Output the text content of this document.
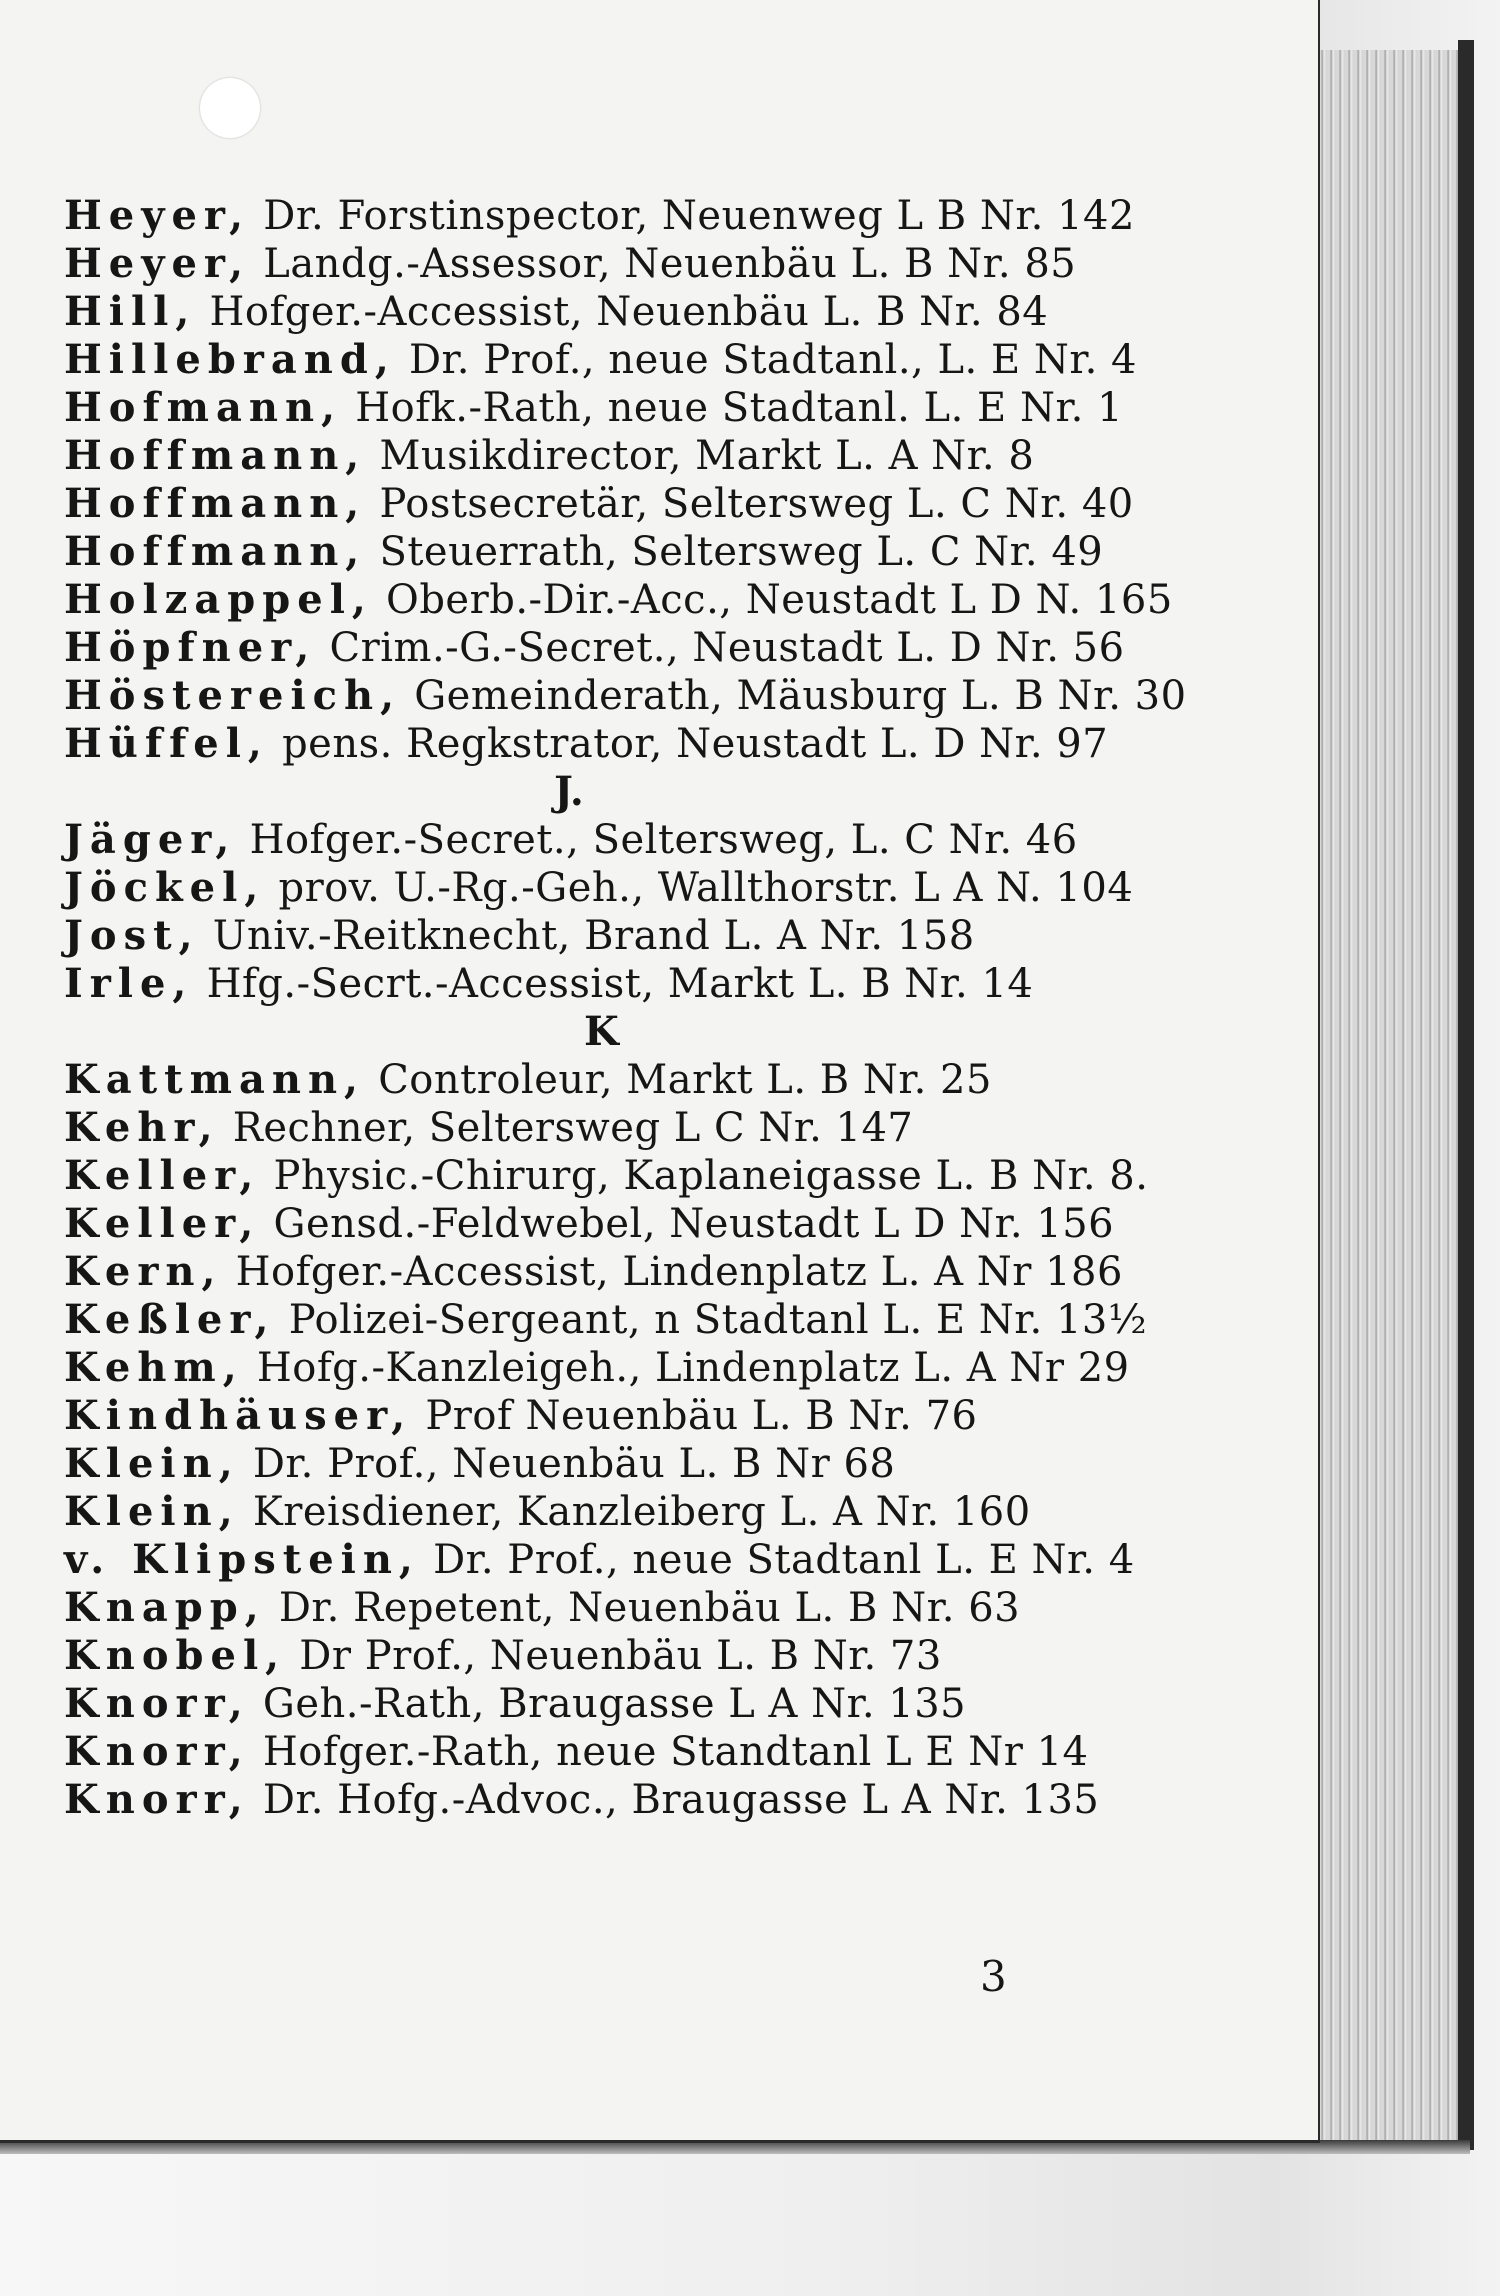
Heyer, Dr. Forstinspector, Neuenweg L B Nr. 142
Heyer, Landg.-Assessor, Neuenbäu L. B Nr. 85
Hill, Hofger.-Accessist, Neuenbäu L. B Nr. 84
Hillebrand, Dr. Prof., neue Stadtanl., L. E Nr. 4
Hofmann, Hofk.-Rath, neue Stadtanl. L. E Nr. 1
Hoffmann, Musikdirector, Markt L. A Nr. 8
Hoffmann, Postsecretär, Seltersweg L. C Nr. 40
Hoffmann, Steuerrath, Seltersweg L. C Nr. 49
Holzappel, Oberb.-Dir.-Acc., Neustadt L D N. 165
Höpfner, Crim.-G.-Secret., Neustadt L. D Nr. 56
Höstereich, Gemeinderath, Mäusburg L. B Nr. 30
Hüffel, pens. Regkstrator, Neustadt L. D Nr. 97
J.
Jäger, Hofger.-Secret., Seltersweg, L. C Nr. 46
Jöckel, prov. U.-Rg.-Geh., Wallthorstr. L A N. 104
Jost, Univ.-Reitknecht, Brand L. A Nr. 158
Irle, Hfg.-Secrt.-Accessist, Markt L. B Nr. 14
K
Kattmann, Controleur, Markt L. B Nr. 25
Kehr, Rechner, Seltersweg L C Nr. 147
Keller, Physic.-Chirurg, Kaplaneigasse L. B Nr. 8.
Keller, Gensd.-Feldwebel, Neustadt L D Nr. 156
Kern, Hofger.-Accessist, Lindenplatz L. A Nr 186
Keßler, Polizei-Sergeant, n Stadtanl L. E Nr. 13½
Kehm, Hofg.-Kanzleigeh., Lindenplatz L. A Nr 29
Kindhäuser, Prof Neuenbäu L. B Nr. 76
Klein, Dr. Prof., Neuenbäu L. B Nr 68
Klein, Kreisdiener, Kanzleiberg L. A Nr. 160
v. Klipstein, Dr. Prof., neue Stadtanl L. E Nr. 4
Knapp, Dr. Repetent, Neuenbäu L. B Nr. 63
Knobel, Dr Prof., Neuenbäu L. B Nr. 73
Knorr, Geh.-Rath, Braugasse L A Nr. 135
Knorr, Hofger.-Rath, neue Standtanl L E Nr 14
Knorr, Dr. Hofg.-Advoc., Braugasse L A Nr. 135
3
